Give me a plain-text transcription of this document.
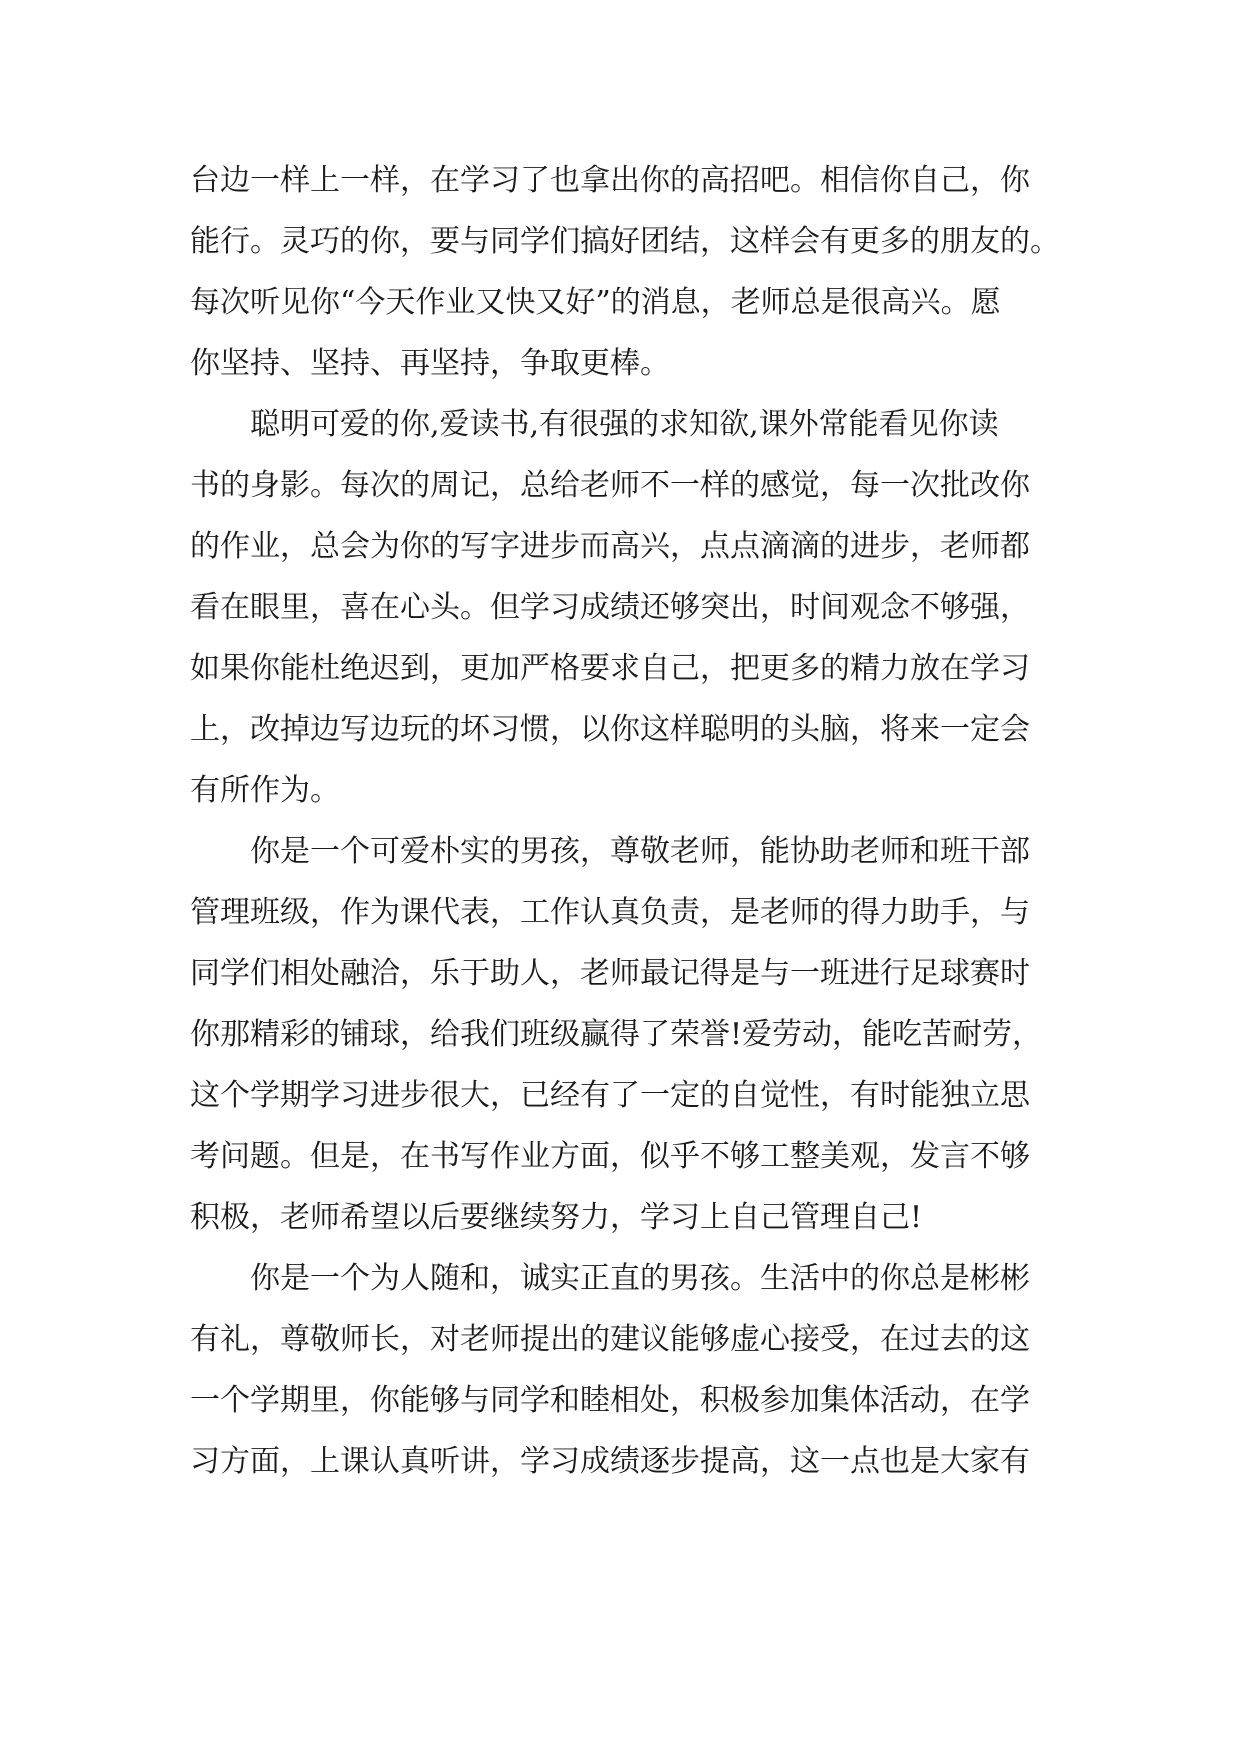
台边一样上一样，在学习了也拿出你的高招吧。相信你自己，你
能行。灵巧的你，要与同学们搞好团结，这样会有更多的朋友的。
每次听见你“今天作业又快又好”的消息，老师总是很高兴。愿
你坚持、坚持、再坚持，争取更棒。
聪明可爱的你,爱读书,有很强的求知欲,课外常能看见你读
书的身影。每次的周记，总给老师不一样的感觉，每一次批改你
的作业，总会为你的写字进步而高兴，点点滴滴的进步，老师都
看在眼里，喜在心头。但学习成绩还够突出，时间观念不够强，
如果你能杜绝迟到，更加严格要求自己，把更多的精力放在学习
上，改掉边写边玩的坏习惯，以你这样聪明的头脑，将来一定会
有所作为。
你是一个可爱朴实的男孩，尊敬老师，能协助老师和班干部
管理班级，作为课代表，工作认真负责，是老师的得力助手，与
同学们相处融洽，乐于助人，老师最记得是与一班进行足球赛时
你那精彩的铺球，给我们班级赢得了荣誉!爱劳动，能吃苦耐劳，
这个学期学习进步很大，已经有了一定的自觉性，有时能独立思
考问题。但是，在书写作业方面，似乎不够工整美观，发言不够
积极，老师希望以后要继续努力，学习上自己管理自己!
你是一个为人随和，诚实正直的男孩。生活中的你总是彬彬
有礼，尊敬师长，对老师提出的建议能够虚心接受，在过去的这
一个学期里，你能够与同学和睦相处，积极参加集体活动，在学
习方面，上课认真听讲，学习成绩逐步提高，这一点也是大家有
